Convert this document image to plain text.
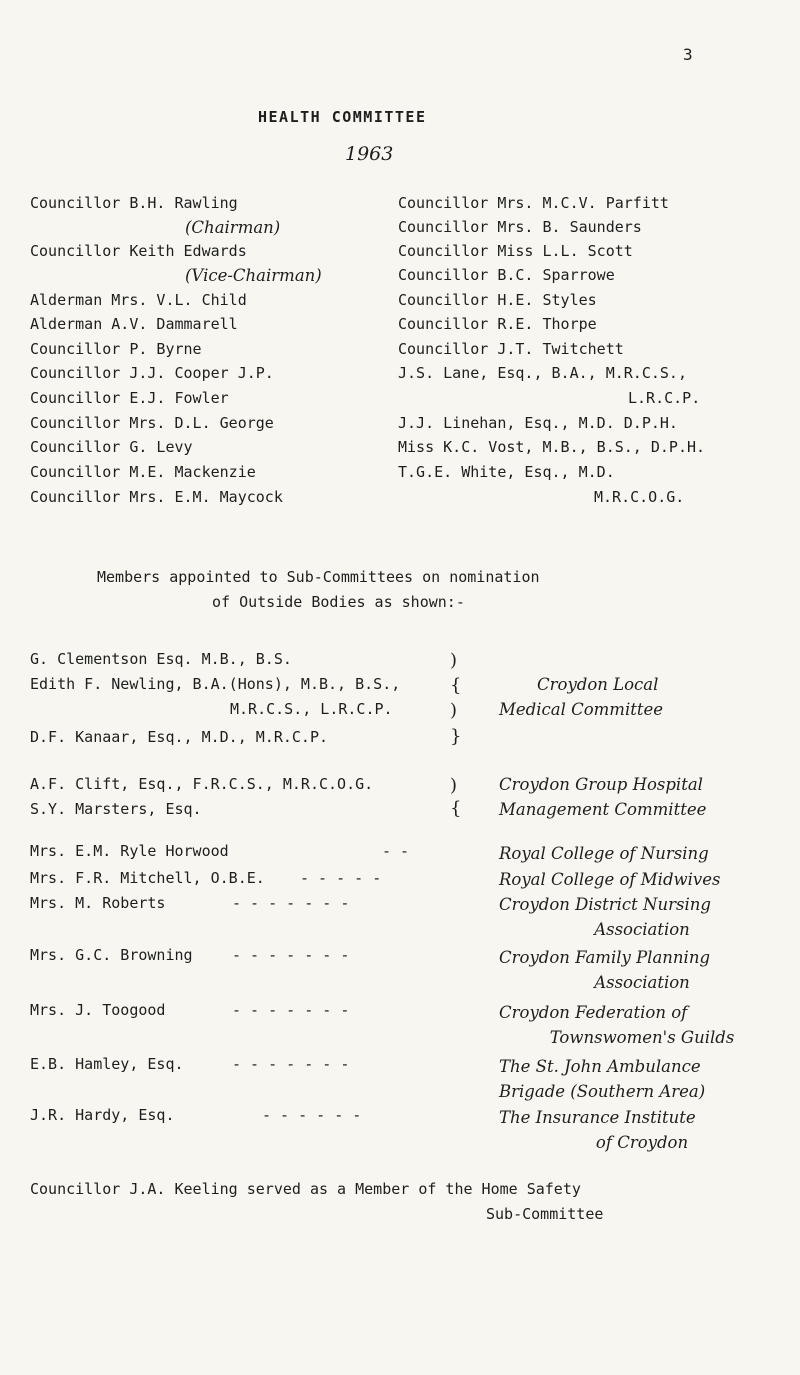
3
HEALTH COMMITTEE
1963
Councillor B.H. Rawling
(Chairman)
Councillor Keith Edwards
(Vice-Chairman)
Alderman Mrs. V.L. Child
Alderman A.V. Dammarell
Councillor P. Byrne
Councillor J.J. Cooper J.P.
Councillor E.J. Fowler
Councillor Mrs. D.L. George
Councillor G. Levy
Councillor M.E. Mackenzie
Councillor Mrs. E.M. Maycock
Councillor Mrs. M.C.V. Parfitt
Councillor Mrs. B. Saunders
Councillor Miss L.L. Scott
Councillor B.C. Sparrowe
Councillor H.E. Styles
Councillor R.E. Thorpe
Councillor J.T. Twitchett
J.S. Lane, Esq., B.A., M.R.C.S.,
L.R.C.P.
J.J. Linehan, Esq., M.D. D.P.H.
Miss K.C. Vost, M.B., B.S., D.P.H.
T.G.E. White, Esq., M.D.
M.R.C.O.G.
Members appointed to Sub-Committees on nomination
of Outside Bodies as shown:-
G. Clementson Esq. M.B., B.S.
Edith F. Newling, B.A.(Hons), M.B., B.S.,
M.R.C.S., L.R.C.P.
D.F. Kanaar, Esq., M.D., M.R.C.P.
)
{
)
}
Croydon Local
Medical Committee
A.F. Clift, Esq., F.R.C.S., M.R.C.O.G.
S.Y. Marsters, Esq.
)
{
Croydon Group Hospital
Management Committee
Mrs. E.M. Ryle Horwood	- -	Royal College of Nursing
Mrs. F.R. Mitchell, O.B.E. - - - - -	Royal College of Midwives
Mrs. M. Roberts	- - - - - - -	Croydon District Nursing
Association
Mrs. G.C. Browning	- - - - - - -	Croydon Family Planning
Association
Mrs. J. Toogood	- - - - - - -	Croydon Federation of
Townswomen's Guilds
E.B. Hamley, Esq.	- - - - - - -	The St. John Ambulance
Brigade (Southern Area)
J.R. Hardy, Esq.	- - - - - -	The Insurance Institute
of Croydon
Councillor J.A. Keeling served as a Member of the Home Safety
Sub-Committee
